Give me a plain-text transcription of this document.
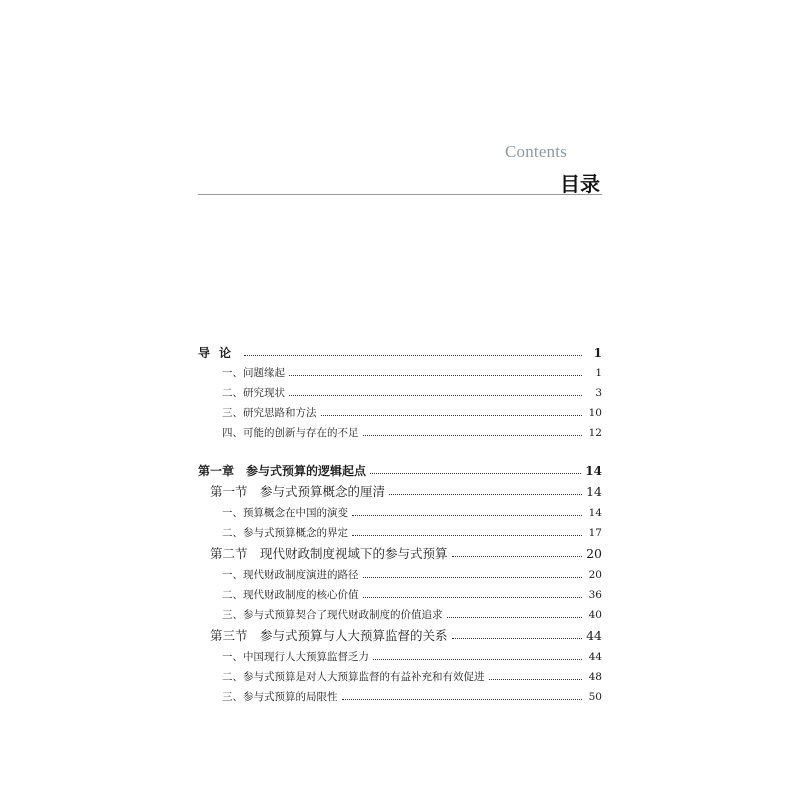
Contents
目录
导论	1
一、问题缘起	1
二、研究现状	3
三、研究思路和方法	10
四、可能的创新与存在的不足	12
第一章　参与式预算的逻辑起点	14
第一节　参与式预算概念的厘清	14
一、预算概念在中国的演变	14
二、参与式预算概念的界定	17
第二节　现代财政制度视域下的参与式预算	20
一、现代财政制度演进的路径	20
二、现代财政制度的核心价值	36
三、参与式预算契合了现代财政制度的价值追求	40
第三节　参与式预算与人大预算监督的关系	44
一、中国现行人大预算监督乏力	44
二、参与式预算是对人大预算监督的有益补充和有效促进	48
三、参与式预算的局限性	50
